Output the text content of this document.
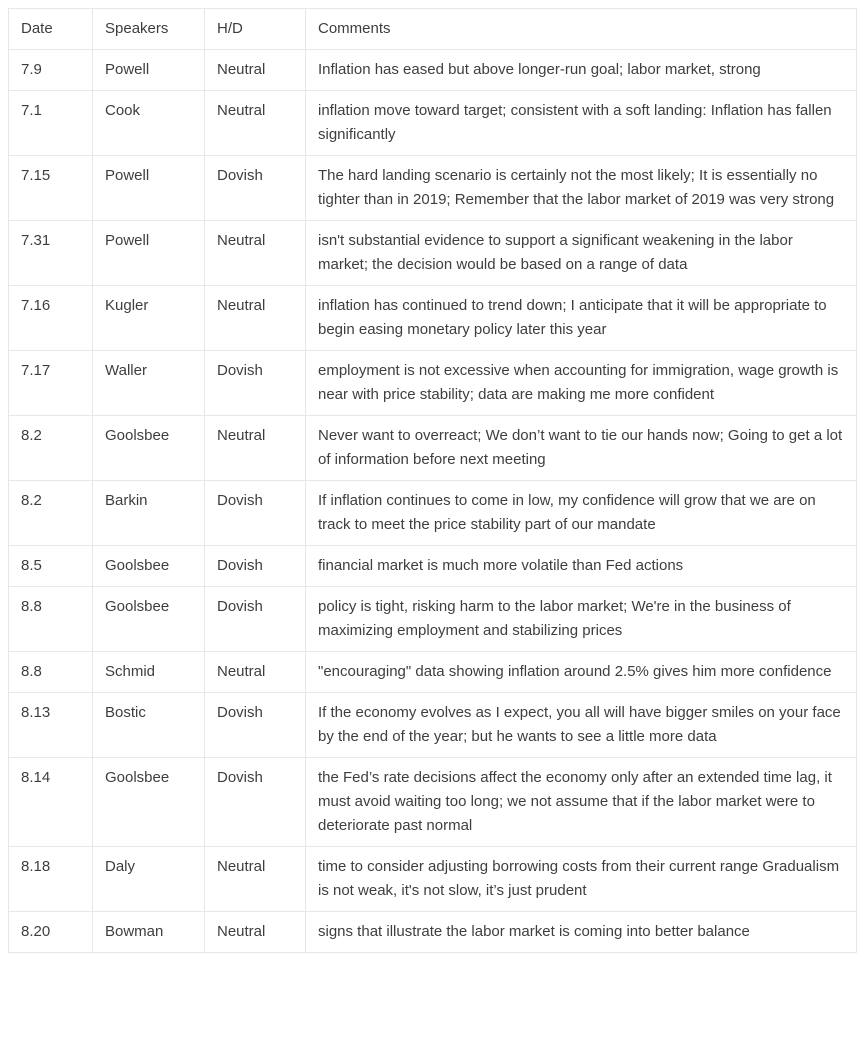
Date	Speakers	H/D	Comments
7.9	Powell	Neutral	Inflation has eased but above longer-run goal; labor market, strong
7.1	Cook	Neutral	inflation move toward target; consistent with a soft landing: Inflation has fallen significantly
7.15	Powell	Dovish	The hard landing scenario is certainly not the most likely; It is essentially no tighter than in 2019; Remember that the labor market of 2019 was very strong
7.31	Powell	Neutral	isn't substantial evidence to support a significant weakening in the labor market; the decision would be based on a range of data
7.16	Kugler	Neutral	inflation has continued to trend down; I anticipate that it will be appropriate to begin easing monetary policy later this year
7.17	Waller	Dovish	employment is not excessive when accounting for immigration, wage growth is near with price stability; data are making me more confident
8.2	Goolsbee	Neutral	Never want to overreact; We don’t want to tie our hands now; Going to get a lot of information before next meeting
8.2	Barkin	Dovish	If inflation continues to come in low, my confidence will grow that we are on track to meet the price stability part of our mandate
8.5	Goolsbee	Dovish	financial market is much more volatile than Fed actions
8.8	Goolsbee	Dovish	policy is tight, risking harm to the labor market; We're in the business of maximizing employment and stabilizing prices
8.8	Schmid	Neutral	"encouraging" data showing inflation around 2.5% gives him more confidence
8.13	Bostic	Dovish	If the economy evolves as I expect, you all will have bigger smiles on your face by the end of the year; but he wants to see a little more data
8.14	Goolsbee	Dovish	the Fed’s rate decisions affect the economy only after an extended time lag, it must avoid waiting too long; we not assume that if the labor market were to deteriorate past normal
8.18	Daly	Neutral	time to consider adjusting borrowing costs from their current range Gradualism is not weak, it's not slow, it’s just prudent
8.20	Bowman	Neutral	signs that illustrate the labor market is coming into better balance
